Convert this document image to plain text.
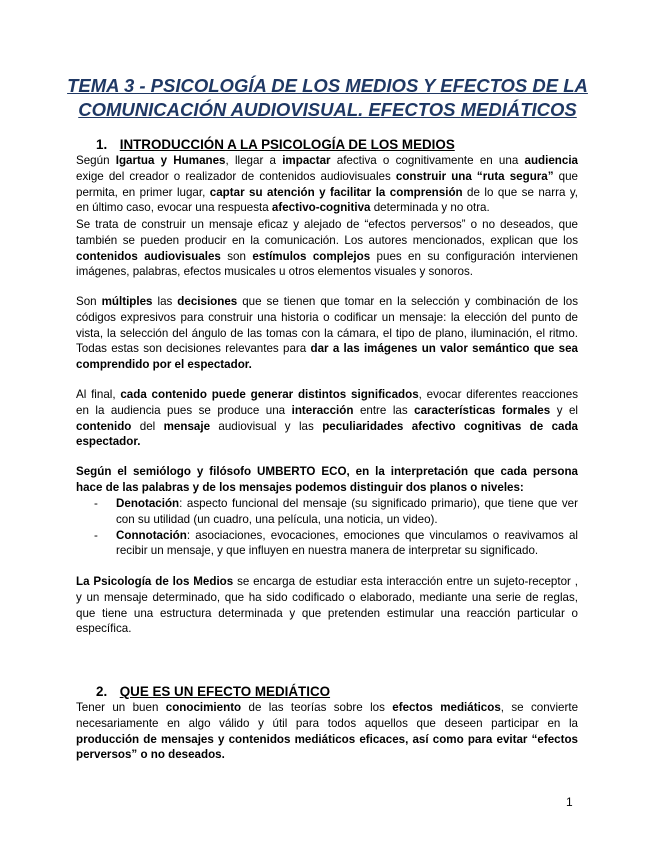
TEMA 3 - PSICOLOGÍA DE LOS MEDIOS Y EFECTOS DE LA
COMUNICACIÓN AUDIOVISUAL. EFECTOS MEDIÁTICOS
1. INTRODUCCIÓN A LA PSICOLOGÍA DE LOS MEDIOS
Según Igartua y Humanes, llegar a impactar afectiva o cognitivamente en una audiencia
exige del creador o realizador de contenidos audiovisuales construir una “ruta segura” que
permita, en primer lugar, captar su atención y facilitar la comprensión de lo que se narra y,
en último caso, evocar una respuesta afectivo-cognitiva determinada y no otra.
Se trata de construir un mensaje eficaz y alejado de “efectos perversos” o no deseados, que
también se pueden producir en la comunicación. Los autores mencionados, explican que los
contenidos audiovisuales son estímulos complejos pues en su configuración intervienen
imágenes, palabras, efectos musicales u otros elementos visuales y sonoros.
Son múltiples las decisiones que se tienen que tomar en la selección y combinación de los
códigos expresivos para construir una historia o codificar un mensaje: la elección del punto de
vista, la selección del ángulo de las tomas con la cámara, el tipo de plano, iluminación, el ritmo.
Todas estas son decisiones relevantes para dar a las imágenes un valor semántico que sea
comprendido por el espectador.
Al final, cada contenido puede generar distintos significados, evocar diferentes reacciones
en la audiencia pues se produce una interacción entre las características formales y el
contenido del mensaje audiovisual y las peculiaridades afectivo cognitivas de cada
espectador.
Según el semiólogo y filósofo UMBERTO ECO, en la interpretación que cada persona
hace de las palabras y de los mensajes podemos distinguir dos planos o niveles:
- Denotación: aspecto funcional del mensaje (su significado primario), que tiene que ver
con su utilidad (un cuadro, una película, una noticia, un video).
- Connotación: asociaciones, evocaciones, emociones que vinculamos o reavivamos al
recibir un mensaje, y que influyen en nuestra manera de interpretar su significado.
La Psicología de los Medios se encarga de estudiar esta interacción entre un sujeto-receptor ,
y un mensaje determinado, que ha sido codificado o elaborado, mediante una serie de reglas,
que tiene una estructura determinada y que pretenden estimular una reacción particular o
específica.
2. QUE ES UN EFECTO MEDIÁTICO
Tener un buen conocimiento de las teorías sobre los efectos mediáticos, se convierte
necesariamente en algo válido y útil para todos aquellos que deseen participar en la
producción de mensajes y contenidos mediáticos eficaces, así como para evitar “efectos
perversos” o no deseados.
1
